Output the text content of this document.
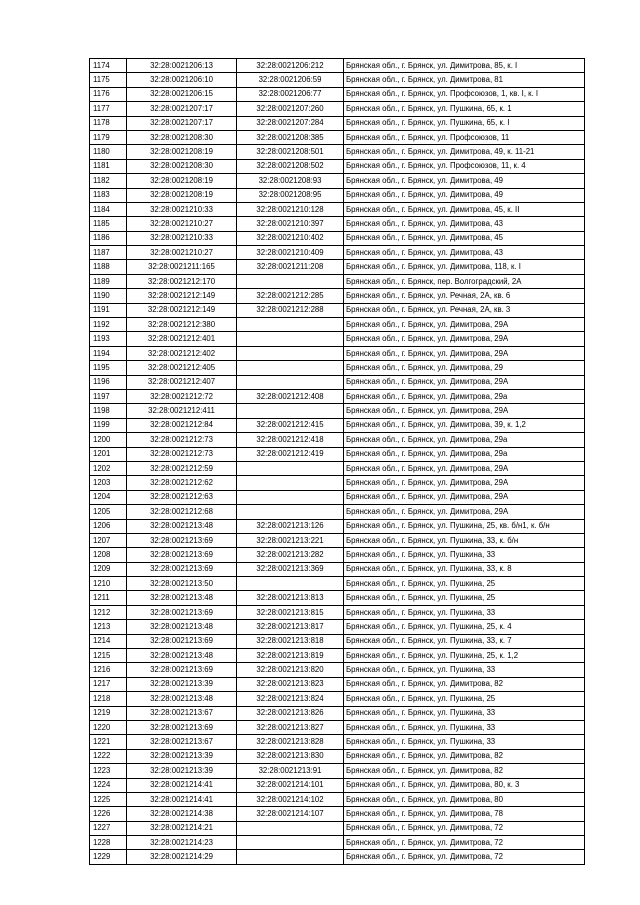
1174	32:28:0021206:13	32:28:0021206:212	Брянская обл., г. Брянск, ул. Димитрова, 85, к. I
1175	32:28:0021206:10	32:28:0021206:59	Брянская обл., г. Брянск, ул. Димитрова, 81
1176	32:28:0021206:15	32:28:0021206:77	Брянская обл., г. Брянск, ул. Профсоюзов, 1, кв. I, к. I
1177	32:28:0021207:17	32:28:0021207:260	Брянская обл., г. Брянск, ул. Пушкина, 65, к. 1
1178	32:28:0021207:17	32:28:0021207:284	Брянская обл., г. Брянск, ул. Пушкина, 65, к. I
1179	32:28:0021208:30	32:28:0021208:385	Брянская обл., г. Брянск, ул. Профсоюзов, 11
1180	32:28:0021208:19	32:28:0021208:501	Брянская обл., г. Брянск, ул. Димитрова, 49, к. 11-21
1181	32:28:0021208:30	32:28:0021208:502	Брянская обл., г. Брянск, ул. Профсоюзов, 11, к. 4
1182	32:28:0021208:19	32:28:0021208:93	Брянская обл., г. Брянск, ул. Димитрова, 49
1183	32:28:0021208:19	32:28:0021208:95	Брянская обл., г. Брянск, ул. Димитрова, 49
1184	32:28:0021210:33	32:28:0021210:128	Брянская обл., г. Брянск, ул. Димитрова, 45, к. II
1185	32:28:0021210:27	32:28:0021210:397	Брянская обл., г. Брянск, ул. Димитрова, 43
1186	32:28:0021210:33	32:28:0021210:402	Брянская обл., г. Брянск, ул. Димитрова, 45
1187	32:28:0021210:27	32:28:0021210:409	Брянская обл., г. Брянск, ул. Димитрова, 43
1188	32:28:0021211:165	32:28:0021211:208	Брянская обл., г. Брянск, ул. Димитрова, 118, к. I
1189	32:28:0021212:170		Брянская обл., г. Брянск, пер. Волгоградский, 2А
1190	32:28:0021212:149	32:28:0021212:285	Брянская обл., г. Брянск, ул. Речная, 2А, кв. 6
1191	32:28:0021212:149	32:28:0021212:288	Брянская обл., г. Брянск, ул. Речная, 2А, кв. 3
1192	32:28:0021212:380		Брянская обл., г. Брянск, ул. Димитрова, 29А
1193	32:28:0021212:401		Брянская обл., г. Брянск, ул. Димитрова, 29А
1194	32:28:0021212:402		Брянская обл., г. Брянск, ул. Димитрова, 29А
1195	32:28:0021212:405		Брянская обл., г. Брянск, ул. Димитрова, 29
1196	32:28:0021212:407		Брянская обл., г. Брянск, ул. Димитрова, 29А
1197	32:28:0021212:72	32:28:0021212:408	Брянская обл., г. Брянск, ул. Димитрова, 29а
1198	32:28:0021212:411		Брянская обл., г. Брянск, ул. Димитрова, 29А
1199	32:28:0021212:84	32:28:0021212:415	Брянская обл., г. Брянск, ул. Димитрова, 39, к. 1,2
1200	32:28:0021212:73	32:28:0021212:418	Брянская обл., г. Брянск, ул. Димитрова, 29а
1201	32:28:0021212:73	32:28:0021212:419	Брянская обл., г. Брянск, ул. Димитрова, 29а
1202	32:28:0021212:59		Брянская обл., г. Брянск, ул. Димитрова, 29А
1203	32:28:0021212:62		Брянская обл., г. Брянск, ул. Димитрова, 29А
1204	32:28:0021212:63		Брянская обл., г. Брянск, ул. Димитрова, 29А
1205	32:28:0021212:68		Брянская обл., г. Брянск, ул. Димитрова, 29А
1206	32:28:0021213:48	32:28:0021213:126	Брянская обл., г. Брянск, ул. Пушкина, 25, кв. б/н1, к. б/н
1207	32:28:0021213:69	32:28:0021213:221	Брянская обл., г. Брянск, ул. Пушкина, 33, к. б/н
1208	32:28:0021213:69	32:28:0021213:282	Брянская обл., г. Брянск, ул. Пушкина, 33
1209	32:28:0021213:69	32:28:0021213:369	Брянская обл., г. Брянск, ул. Пушкина, 33, к. 8
1210	32:28:0021213:50		Брянская обл., г. Брянск, ул. Пушкина, 25
1211	32:28:0021213:48	32:28:0021213:813	Брянская обл., г. Брянск, ул. Пушкина, 25
1212	32:28:0021213:69	32:28:0021213:815	Брянская обл., г. Брянск, ул. Пушкина, 33
1213	32:28:0021213:48	32:28:0021213:817	Брянская обл., г. Брянск, ул. Пушкина, 25, к. 4
1214	32:28:0021213:69	32:28:0021213:818	Брянская обл., г. Брянск, ул. Пушкина, 33, к. 7
1215	32:28:0021213:48	32:28:0021213:819	Брянская обл., г. Брянск, ул. Пушкина, 25, к. 1,2
1216	32:28:0021213:69	32:28:0021213:820	Брянская обл., г. Брянск, ул. Пушкина, 33
1217	32:28:0021213:39	32:28:0021213:823	Брянская обл., г. Брянск, ул. Димитрова, 82
1218	32:28:0021213:48	32:28:0021213:824	Брянская обл., г. Брянск, ул. Пушкина, 25
1219	32:28:0021213:67	32:28:0021213:826	Брянская обл., г. Брянск, ул. Пушкина, 33
1220	32:28:0021213:69	32:28:0021213:827	Брянская обл., г. Брянск, ул. Пушкина, 33
1221	32:28:0021213:67	32:28:0021213:828	Брянская обл., г. Брянск, ул. Пушкина, 33
1222	32:28:0021213:39	32:28:0021213:830	Брянская обл., г. Брянск, ул. Димитрова, 82
1223	32:28:0021213:39	32:28:0021213:91	Брянская обл., г. Брянск, ул. Димитрова, 82
1224	32:28:0021214:41	32:28:0021214:101	Брянская обл., г. Брянск, ул. Димитрова, 80, к. 3
1225	32:28:0021214:41	32:28:0021214:102	Брянская обл., г. Брянск, ул. Димитрова, 80
1226	32:28:0021214:38	32:28:0021214:107	Брянская обл., г. Брянск, ул. Димитрова, 78
1227	32:28:0021214:21		Брянская обл., г. Брянск, ул. Димитрова, 72
1228	32:28:0021214:23		Брянская обл., г. Брянск, ул. Димитрова, 72
1229	32:28:0021214:29		Брянская обл., г. Брянск, ул. Димитрова, 72
